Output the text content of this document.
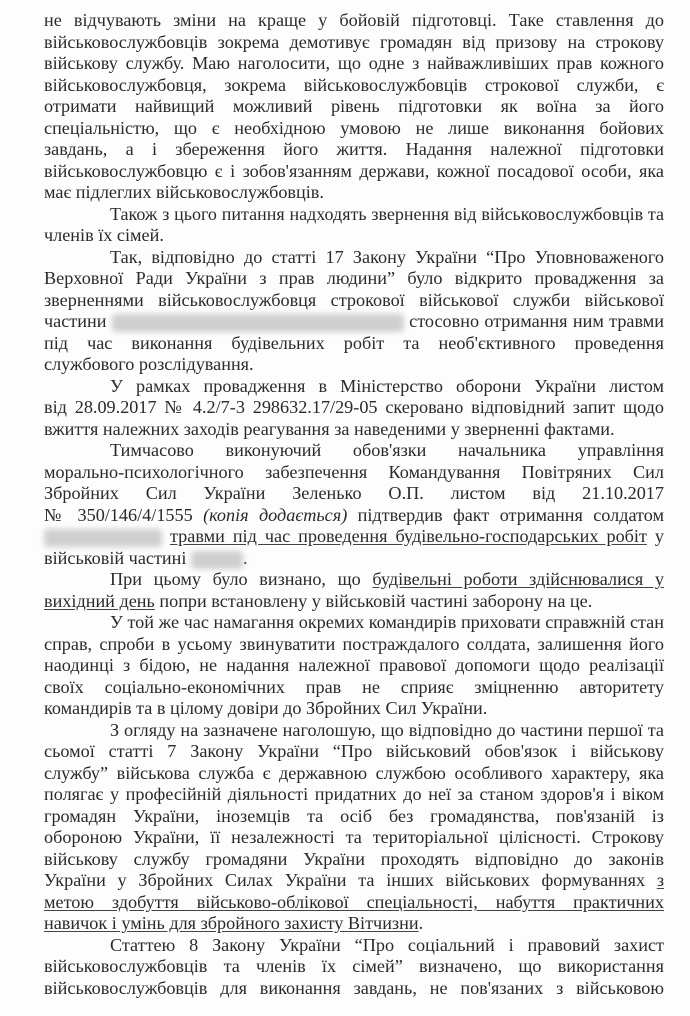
не відчувають зміни на краще у бойовій підготовці. Таке ставлення до
військовослужбовців зокрема демотивує громадян від призову на строкову
військову службу. Маю наголосити, що одне з найважливіших прав кожного
військовослужбовця, зокрема військовослужбовців строкової служби, є
отримати найвищий можливий рівень підготовки як воїна за його
спеціальністю, що є необхідною умовою не лише виконання бойових
завдань, а і збереження його життя. Надання належної підготовки
військовослужбовцю є і зобов'язанням держави, кожної посадової особи, яка
має підлеглих військовослужбовців.
Також з цього питання надходять звернення від військовослужбовців та
членів їх сімей.
Так, відповідно до статті 17 Закону України “Про Уповноваженого
Верховної Ради України з прав людини” було відкрито провадження за
зверненнями військовослужбовця строкової військової служби військової
частини	стосовно отримання ним травми
під час виконання будівельних робіт та необ'єктивного проведення
службового розслідування.
У рамках провадження в Міністерство оборони України листом
від 28.09.2017 № 4.2/7-3 298632.17/29-05 скеровано відповідний запит щодо
вжиття належних заходів реагування за наведеними у зверненні фактами.
Тимчасово виконуючий обов'язки начальника управління
морально-психологічного забезпечення Командування Повітряних Сил
Збройних Сил України Зеленько О.П. листом від 21.10.2017
№ 350/146/4/1555 (копія додається) підтвердив факт отримання солдатом
травми під час проведення будівельно-господарських робіт у
військовій частині	.
При цьому було визнано, що будівельні роботи здійснювалися у
вихідний день попри встановлену у військовій частині заборону на це.
У той же час намагання окремих командирів приховати справжній стан
справ, спроби в усьому звинуватити постраждалого солдата, залишення його
наодинці з бідою, не надання належної правової допомоги щодо реалізації
своїх соціально-економічних прав не сприяє зміцненню авторитету
командирів та в цілому довіри до Збройних Сил України.
З огляду на зазначене наголошую, що відповідно до частини першої та
сьомої статті 7 Закону України “Про військовий обов'язок і військову
службу” військова служба є державною службою особливого характеру, яка
полягає у професійній діяльності придатних до неї за станом здоров'я і віком
громадян України, іноземців та осіб без громадянства, пов'язаній із
обороною України, її незалежності та територіальної цілісності. Строкову
військову службу громадяни України проходять відповідно до законів
України у Збройних Силах України та інших військових формуваннях з
метою здобуття військово-облікової спеціальності, набуття практичних
навичок і умінь для збройного захисту Вітчизни.
Статтею 8 Закону України “Про соціальний і правовий захист
військовослужбовців та членів їх сімей” визначено, що використання
військовослужбовців для виконання завдань, не пов'язаних з військовою
